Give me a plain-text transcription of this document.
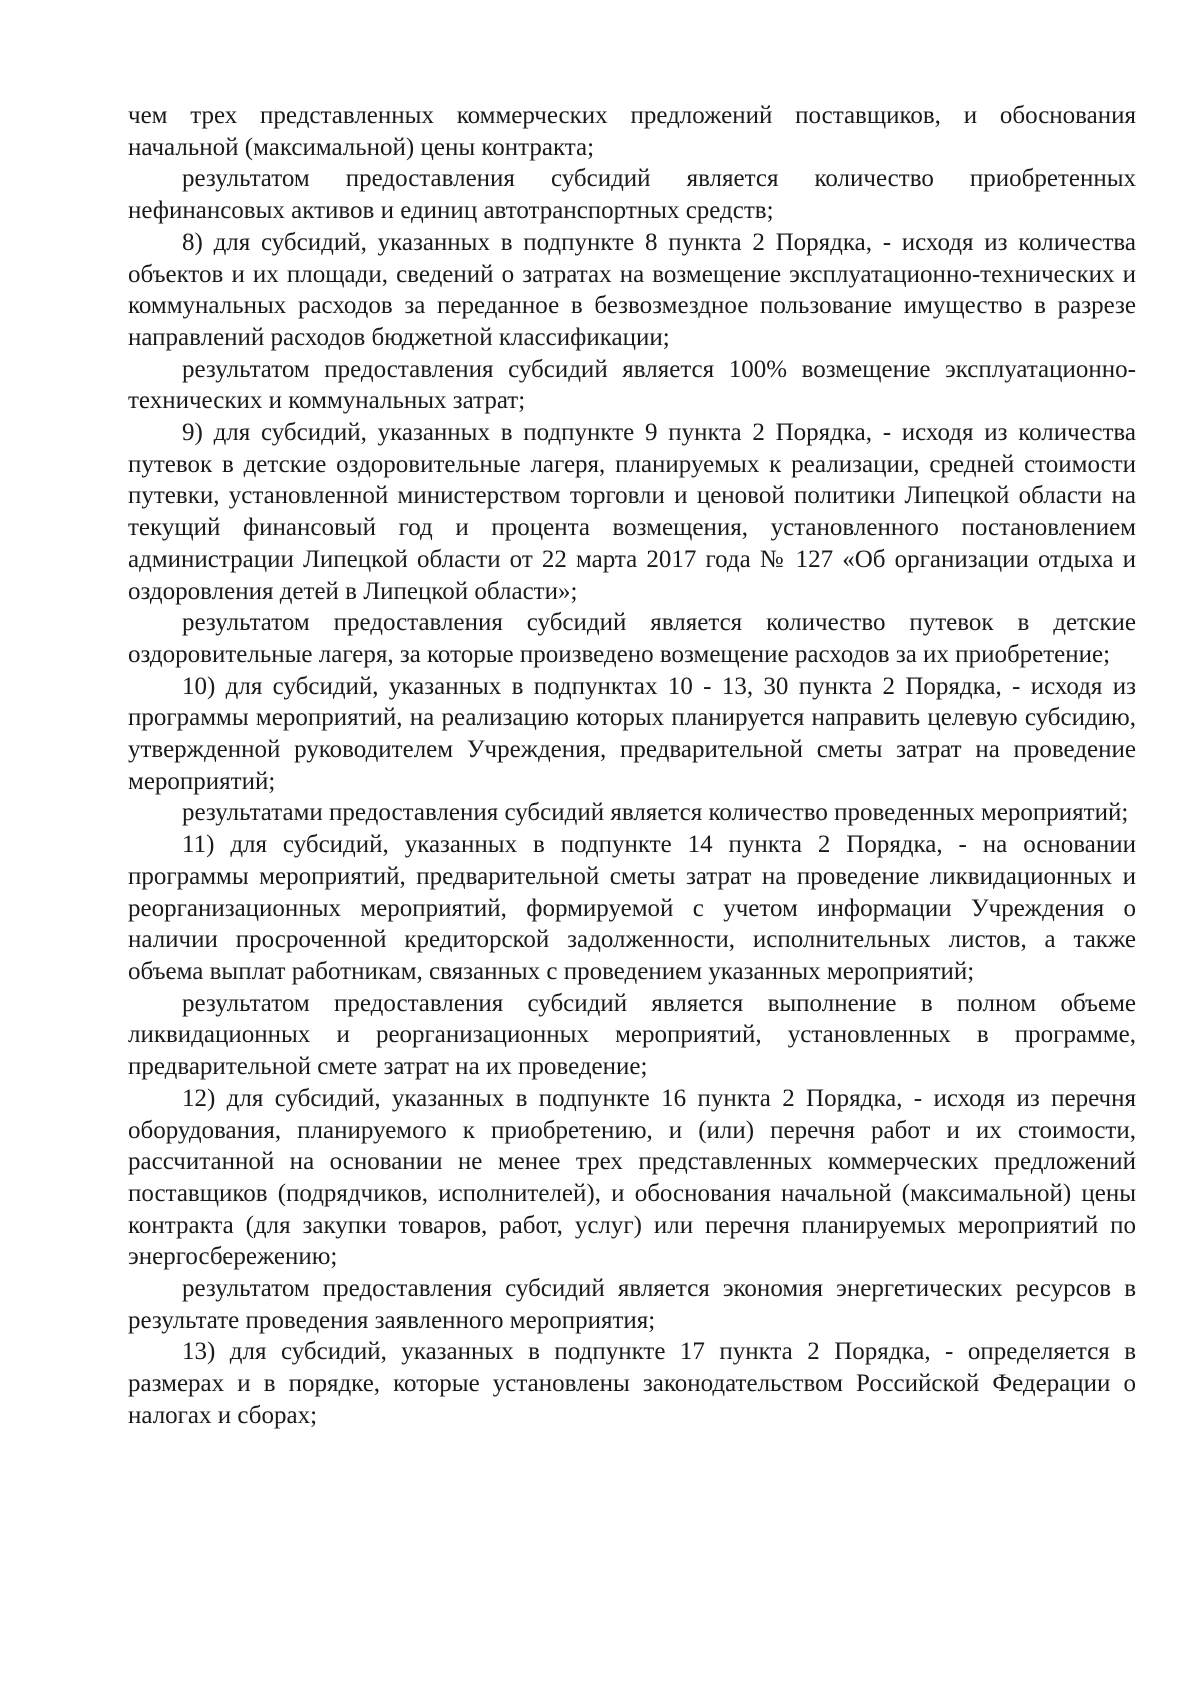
чем трех представленных коммерческих предложений поставщиков, и обоснования начальной (максимальной) цены контракта;

результатом предоставления субсидий является количество приобретенных нефинансовых активов и единиц автотранспортных средств;

8) для субсидий, указанных в подпункте 8 пункта 2 Порядка, - исходя из количества объектов и их площади, сведений о затратах на возмещение эксплуатационно-технических и коммунальных расходов за переданное в безвозмездное пользование имущество в разрезе направлений расходов бюджетной классификации;

результатом предоставления субсидий является 100% возмещение эксплуатационно-технических и коммунальных затрат;

9) для субсидий, указанных в подпункте 9 пункта 2 Порядка, - исходя из количества путевок в детские оздоровительные лагеря, планируемых к реализации, средней стоимости путевки, установленной министерством торговли и ценовой политики Липецкой области на текущий финансовый год и процента возмещения, установленного постановлением администрации Липецкой области от 22 марта 2017 года № 127 «Об организации отдыха и оздоровления детей в Липецкой области»;

результатом предоставления субсидий является количество путевок в детские оздоровительные лагеря, за которые произведено возмещение расходов за их приобретение;

10) для субсидий, указанных в подпунктах 10 - 13, 30 пункта 2 Порядка, - исходя из программы мероприятий, на реализацию которых планируется направить целевую субсидию, утвержденной руководителем Учреждения, предварительной сметы затрат на проведение мероприятий;

результатами предоставления субсидий является количество проведенных мероприятий;

11) для субсидий, указанных в подпункте 14 пункта 2 Порядка, - на основании программы мероприятий, предварительной сметы затрат на проведение ликвидационных и реорганизационных мероприятий, формируемой с учетом информации Учреждения о наличии просроченной кредиторской задолженности, исполнительных листов, а также объема выплат работникам, связанных с проведением указанных мероприятий;

результатом предоставления субсидий является выполнение в полном объеме ликвидационных и реорганизационных мероприятий, установленных в программе, предварительной смете затрат на их проведение;

12) для субсидий, указанных в подпункте 16 пункта 2 Порядка, - исходя из перечня оборудования, планируемого к приобретению, и (или) перечня работ и их стоимости, рассчитанной на основании не менее трех представленных коммерческих предложений поставщиков (подрядчиков, исполнителей), и обоснования начальной (максимальной) цены контракта (для закупки товаров, работ, услуг) или перечня планируемых мероприятий по энергосбережению;

результатом предоставления субсидий является экономия энергетических ресурсов в результате проведения заявленного мероприятия;

13) для субсидий, указанных в подпункте 17 пункта 2 Порядка, - определяется в размерах и в порядке, которые установлены законодательством Российской Федерации о налогах и сборах;
